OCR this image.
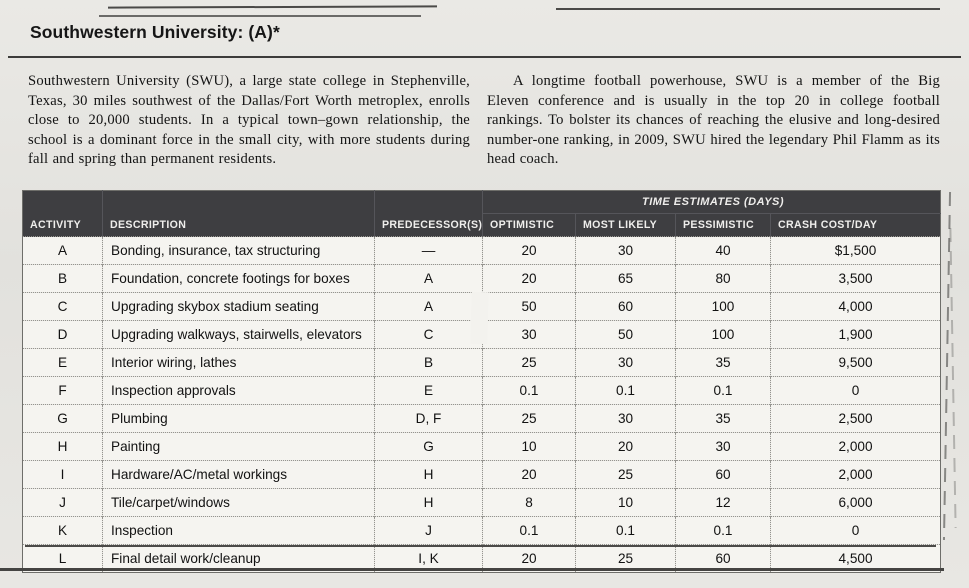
Southwestern University: (A)*
Southwestern University (SWU), a large state college in Stephenville, Texas, 30 miles southwest of the Dallas/Fort Worth metroplex, enrolls close to 20,000 students. In a typical town–gown relationship, the school is a dominant force in the small city, with more students during fall and spring than permanent residents.
A longtime football powerhouse, SWU is a member of the Big Eleven conference and is usually in the top 20 in college football rankings. To bolster its chances of reaching the elusive and long-desired number-one ranking, in 2009, SWU hired the legendary Phil Flamm as its head coach.
ACTIVITY	DESCRIPTION	PREDECESSOR(S)	TIME ESTIMATES (DAYS)			
			OPTIMISTIC	MOST LIKELY	PESSIMISTIC	CRASH COST/DAY
A	Bonding, insurance, tax structuring	—	20	30	40	$1,500
B	Foundation, concrete footings for boxes	A	20	65	80	3,500
C	Upgrading skybox stadium seating	A	50	60	100	4,000
D	Upgrading walkways, stairwells, elevators	C	30	50	100	1,900
E	Interior wiring, lathes	B	25	30	35	9,500
F	Inspection approvals	E	0.1	0.1	0.1	0
G	Plumbing	D, F	25	30	35	2,500
H	Painting	G	10	20	30	2,000
I	Hardware/AC/metal workings	H	20	25	60	2,000
J	Tile/carpet/windows	H	8	10	12	6,000
K	Inspection	J	0.1	0.1	0.1	0
L	Final detail work/cleanup	I, K	20	25	60	4,500
